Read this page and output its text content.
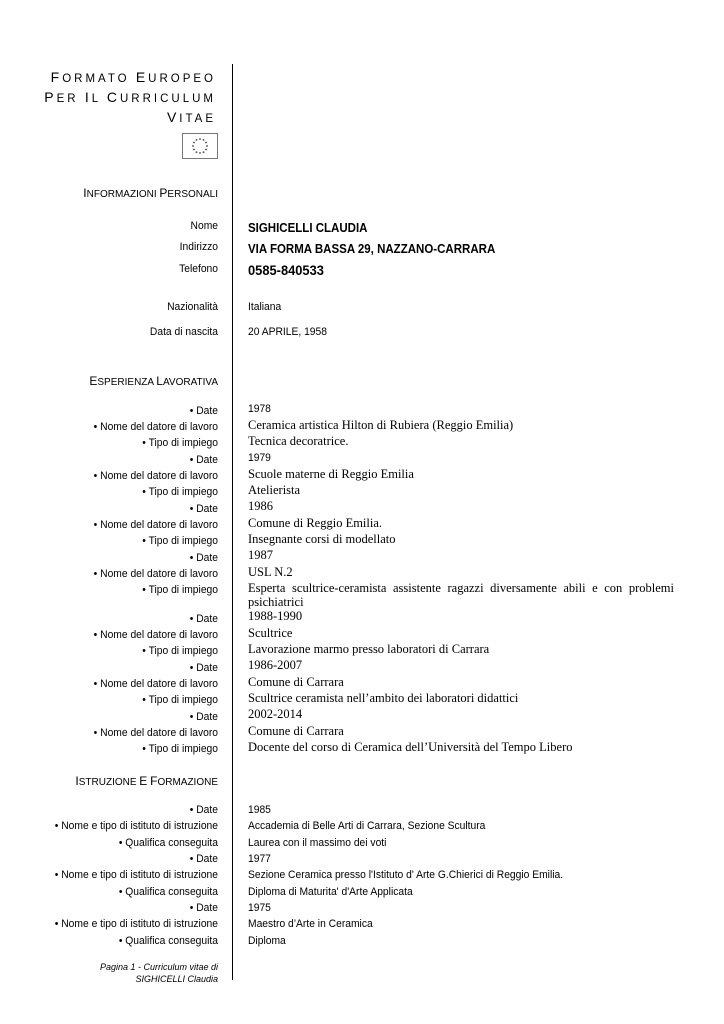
FORMATO EUROPEO
PER IL CURRICULUM
VITAE
INFORMAZIONI PERSONALI
Nome SIGHICELLI CLAUDIA
Indirizzo VIA FORMA BASSA 29, NAZZANO-CARRARA
Telefono 0585-840533
Nazionalità	Italiana
Data di nascita	20 APRILE, 1958
ESPERIENZA LAVORATIVA
• Date	1978
• Nome del datore di lavoro Ceramica artistica Hilton di Rubiera (Reggio Emilia)
• Tipo di impiego Tecnica decoratrice.
• Date	1979
• Nome del datore di lavoro Scuole materne di Reggio Emilia
• Tipo di impiego Atelierista
• Date 1986
• Nome del datore di lavoro Comune di Reggio Emilia.
• Tipo di impiego Insegnante corsi di modellato
• Date 1987
• Nome del datore di lavoro USL N.2
• Tipo di impiego Esperta scultrice-ceramista assistente ragazzi diversamente abili e con problemi psichiatrici
• Date 1988-1990
• Nome del datore di lavoro Scultrice
• Tipo di impiego Lavorazione marmo presso laboratori di Carrara
• Date 1986-2007
• Nome del datore di lavoro Comune di Carrara
• Tipo di impiego Scultrice ceramista nell’ambito dei laboratori didattici
• Date 2002-2014
• Nome del datore di lavoro Comune di Carrara
• Tipo di impiego Docente del corso di Ceramica dell’Università del Tempo Libero
ISTRUZIONE E FORMAZIONE
• Date	1985
• Nome e tipo di istituto di istruzione	Accademia di Belle Arti di Carrara, Sezione Scultura
• Qualifica conseguita	Laurea con il massimo dei voti
• Date	1977
• Nome e tipo di istituto di istruzione	Sezione Ceramica presso l'Istituto d' Arte G.Chierici di Reggio Emilia.
• Qualifica conseguita	Diploma di Maturita' d'Arte Applicata
• Date	1975
• Nome e tipo di istituto di istruzione	Maestro d’Arte in Ceramica
• Qualifica conseguita	Diploma
Pagina 1 - Curriculum vitae di
SIGHICELLI Claudia
